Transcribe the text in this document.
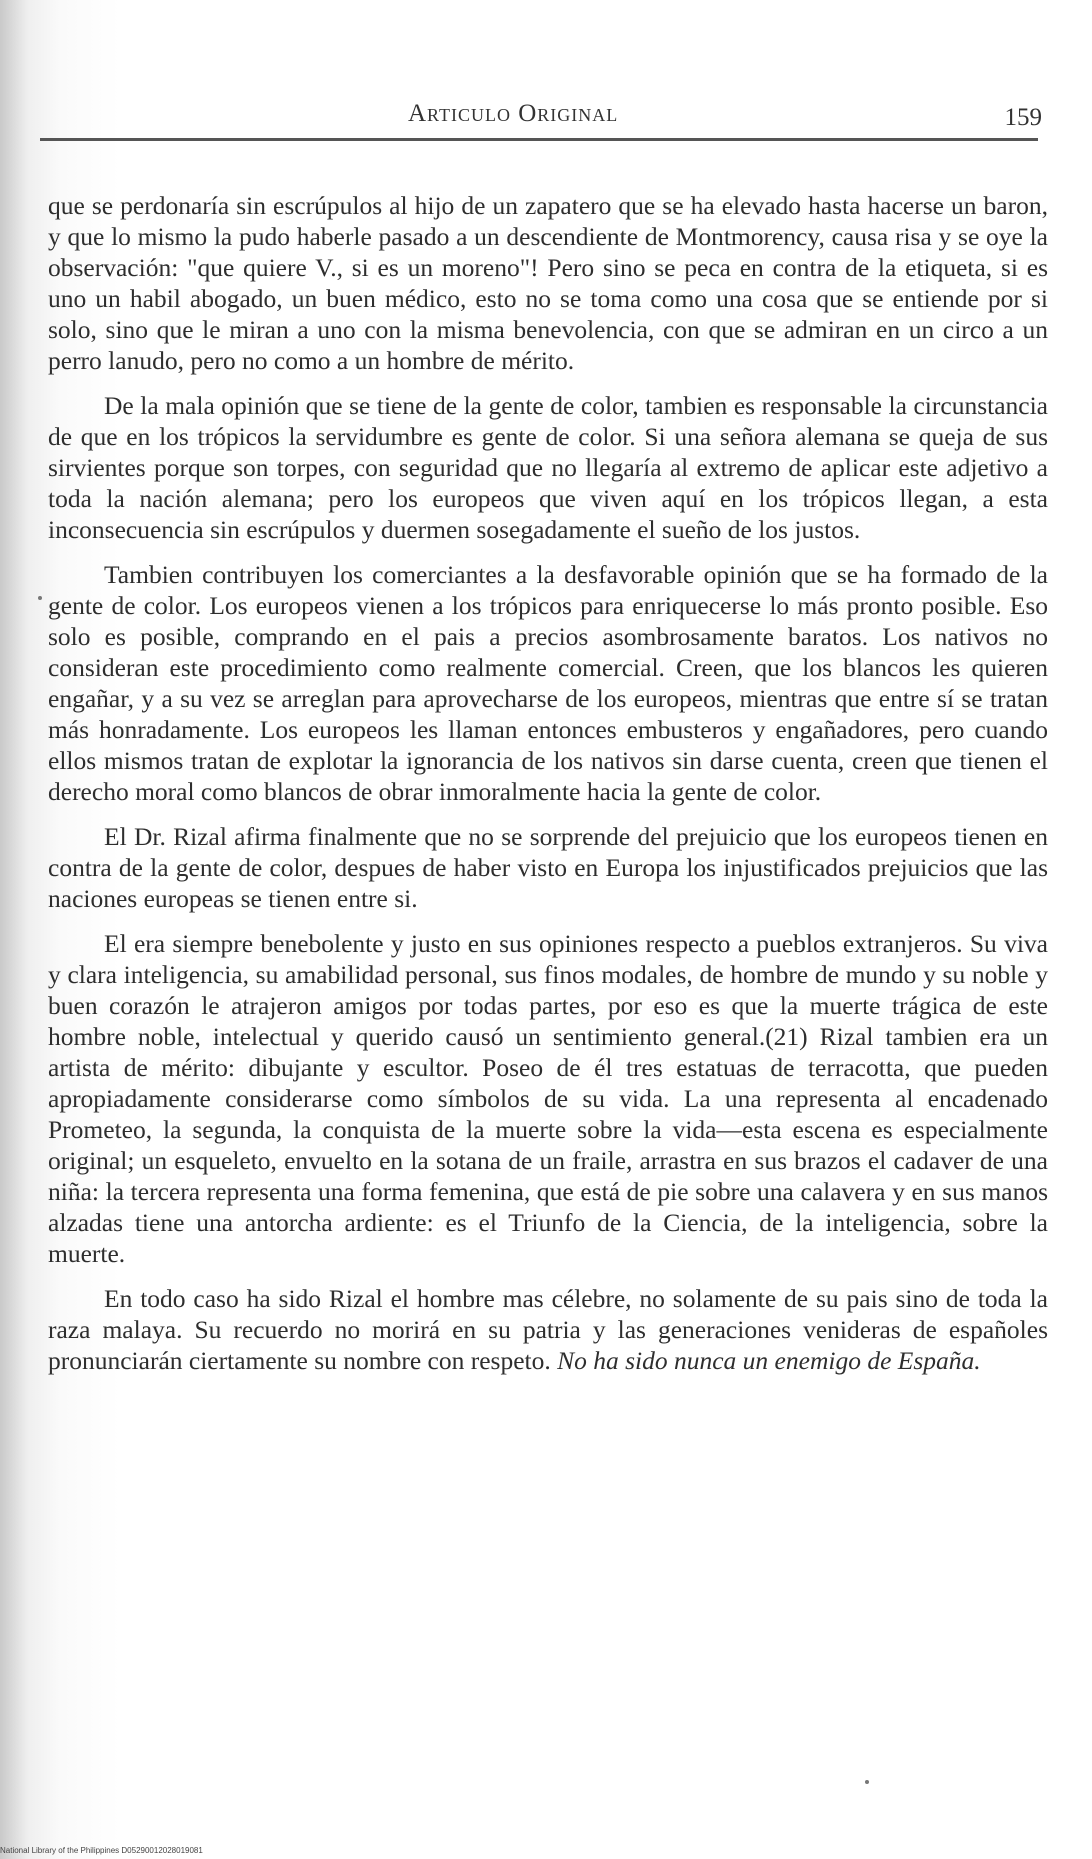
Articulo Original	159

que se perdonaría sin escrúpulos al hijo de un zapatero que se ha elevado hasta hacerse un baron, y que lo mismo la pudo haberle pasado a un descendiente de Montmorency, causa risa y se oye la observación: "que quiere V., si es un moreno"! Pero sino se peca en contra de la etiqueta, si es uno un habil abogado, un buen médico, esto no se toma como una cosa que se entiende por si solo, sino que le miran a uno con la misma benevolencia, con que se admiran en un circo a un perro lanudo, pero no como a un hombre de mérito.

De la mala opinión que se tiene de la gente de color, tambien es responsable la circunstancia de que en los trópicos la servidumbre es gente de color. Si una señora alemana se queja de sus sirvientes porque son torpes, con seguridad que no llegaría al extremo de aplicar este adjetivo a toda la nación alemana; pero los europeos que viven aquí en los trópicos llegan, a esta inconsecuencia sin escrúpulos y duermen sosegadamente el sueño de los justos.

Tambien contribuyen los comerciantes a la desfavorable opinión que se ha formado de la gente de color. Los europeos vienen a los trópicos para enriquecerse lo más pronto posible. Eso solo es posible, comprando en el pais a precios asombrosamente baratos. Los nativos no consideran este procedimiento como realmente comercial. Creen, que los blancos les quieren engañar, y a su vez se arreglan para aprovecharse de los europeos, mientras que entre sí se tratan más honradamente. Los europeos les llaman entonces embusteros y engañadores, pero cuando ellos mismos tratan de explotar la ignorancia de los nativos sin darse cuenta, creen que tienen el derecho moral como blancos de obrar inmoralmente hacia la gente de color.

El Dr. Rizal afirma finalmente que no se sorprende del prejuicio que los europeos tienen en contra de la gente de color, despues de haber visto en Europa los injustificados prejuicios que las naciones europeas se tienen entre si.

El era siempre benebolente y justo en sus opiniones respecto a pueblos extranjeros. Su viva y clara inteligencia, su amabilidad personal, sus finos modales, de hombre de mundo y su noble y buen corazón le atrajeron amigos por todas partes, por eso es que la muerte trágica de este hombre noble, intelectual y querido causó un sentimiento general.(21) Rizal tambien era un artista de mérito: dibujante y escultor. Poseo de él tres estatuas de terracotta, que pueden apropiadamente considerarse como símbolos de su vida. La una representa al encadenado Prometeo, la segunda, la conquista de la muerte sobre la vida—esta escena es especialmente original; un esqueleto, envuelto en la sotana de un fraile, arrastra en sus brazos el cadaver de una niña: la tercera representa una forma femenina, que está de pie sobre una calavera y en sus manos alzadas tiene una antorcha ardiente: es el Triunfo de la Ciencia, de la inteligencia, sobre la muerte.

En todo caso ha sido Rizal el hombre mas célebre, no solamente de su pais sino de toda la raza malaya. Su recuerdo no morirá en su patria y las generaciones venideras de españoles pronunciarán ciertamente su nombre con respeto. No ha sido nunca un enemigo de España.

National Library of the Philippines D05290012028019081
